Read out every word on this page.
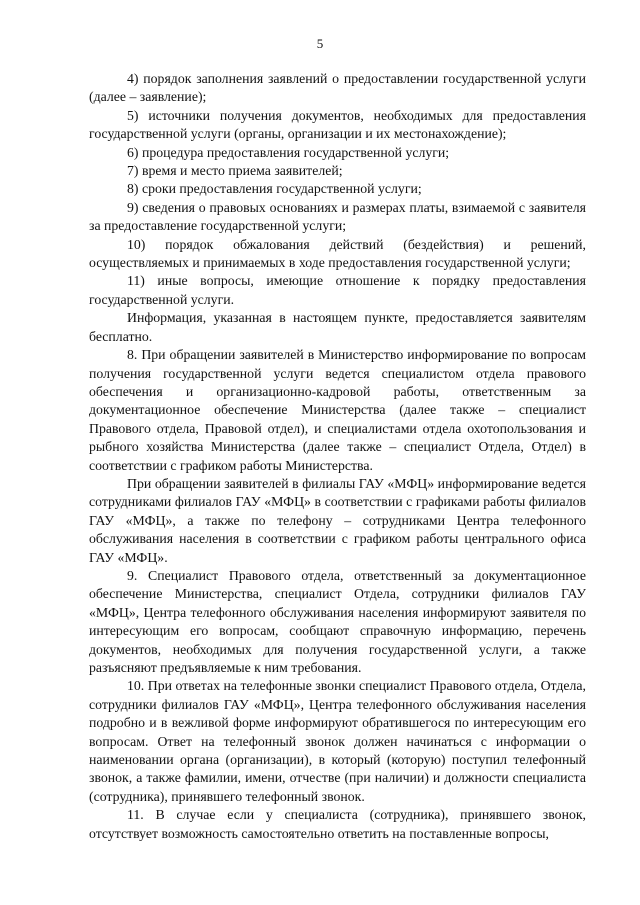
5

4) порядок заполнения заявлений о предоставлении государственной услуги (далее – заявление);

5) источники получения документов, необходимых для предоставления государственной услуги (органы, организации и их местонахождение);

6) процедура предоставления государственной услуги;

7) время и место приема заявителей;

8) сроки предоставления государственной услуги;

9) сведения о правовых основаниях и размерах платы, взимаемой с заявителя за предоставление государственной услуги;

10) порядок обжалования действий (бездействия) и решений, осуществляемых и принимаемых в ходе предоставления государственной услуги;

11) иные вопросы, имеющие отношение к порядку предоставления государственной услуги.

Информация, указанная в настоящем пункте, предоставляется заявителям бесплатно.

8. При обращении заявителей в Министерство информирование по вопросам получения государственной услуги ведется специалистом отдела правового обеспечения и организационно-кадровой работы, ответственным за документационное обеспечение Министерства (далее также – специалист Правового отдела, Правовой отдел), и специалистами отдела охотопользования и рыбного хозяйства Министерства (далее также – специалист Отдела, Отдел) в соответствии с графиком работы Министерства.

При обращении заявителей в филиалы ГАУ «МФЦ» информирование ведется сотрудниками филиалов ГАУ «МФЦ» в соответствии с графиками работы филиалов ГАУ «МФЦ», а также по телефону – сотрудниками Центра телефонного обслуживания населения в соответствии с графиком работы центрального офиса ГАУ «МФЦ».

9. Специалист Правового отдела, ответственный за документационное обеспечение Министерства, специалист Отдела, сотрудники филиалов ГАУ «МФЦ», Центра телефонного обслуживания населения информируют заявителя по интересующим его вопросам, сообщают справочную информацию, перечень документов, необходимых для получения государственной услуги, а также разъясняют предъявляемые к ним требования.

10. При ответах на телефонные звонки специалист Правового отдела, Отдела, сотрудники филиалов ГАУ «МФЦ», Центра телефонного обслуживания населения подробно и в вежливой форме информируют обратившегося по интересующим его вопросам. Ответ на телефонный звонок должен начинаться с информации о наименовании органа (организации), в который (которую) поступил телефонный звонок, а также фамилии, имени, отчестве (при наличии) и должности специалиста (сотрудника), принявшего телефонный звонок.

11. В случае если у специалиста (сотрудника), принявшего звонок, отсутствует возможность самостоятельно ответить на поставленные вопросы,
